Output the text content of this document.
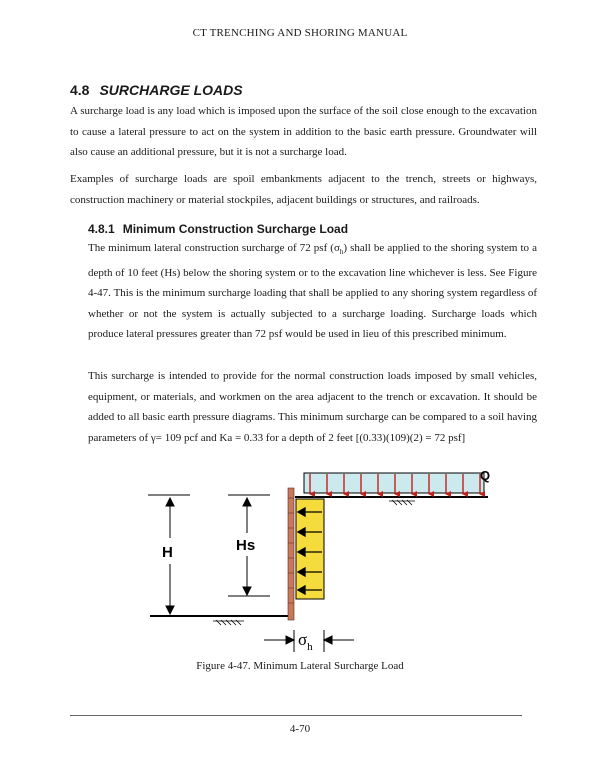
CT TRENCHING AND SHORING MANUAL
4.8 SURCHARGE LOADS
A surcharge load is any load which is imposed upon the surface of the soil close enough to the excavation to cause a lateral pressure to act on the system in addition to the basic earth pressure. Groundwater will also cause an additional pressure, but it is not a surcharge load.
Examples of surcharge loads are spoil embankments adjacent to the trench, streets or highways, construction machinery or material stockpiles, adjacent buildings or structures, and railroads.
4.8.1 Minimum Construction Surcharge Load
The minimum lateral construction surcharge of 72 psf $(\sigma_h)$ shall be applied to the shoring system to a depth of 10 feet (Hs) below the shoring system or to the excavation line whichever is less. See Figure 4-47. This is the minimum surcharge loading that shall be applied to any shoring system regardless of whether or not the system is actually subjected to a surcharge loading. Surcharge loads which produce lateral pressures greater than 72 psf would be used in lieu of this prescribed minimum.
This surcharge is intended to provide for the normal construction loads imposed by small vehicles, equipment, or materials, and workmen on the area adjacent to the trench or excavation. It should be added to all basic earth pressure diagrams. This minimum surcharge can be compared to a soil having parameters of γ= 109 pcf and Ka = 0.33 for a depth of 2 feet [(0.33)(109)(2) = 72 psf]
Q
H	Hs
$\sigma_h$
Figure 4-47. Minimum Lateral Surcharge Load
4-70
